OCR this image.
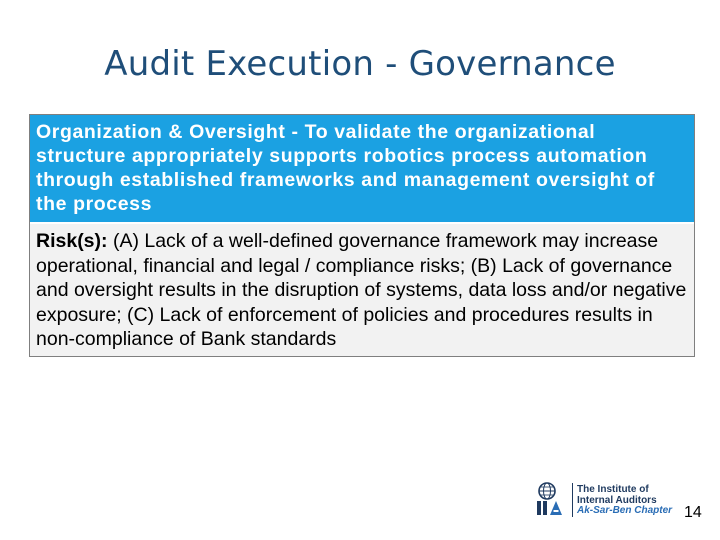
Audit Execution - Governance
Organization & Oversight - To validate the organizational structure appropriately supports robotics process automation through established frameworks and management oversight of the process
Risk(s): (A) Lack of a well-defined governance framework may increase operational, financial and legal / compliance risks; (B) Lack of governance and oversight results in the disruption of systems, data loss and/or negative exposure; (C) Lack of enforcement of policies and procedures results in non-compliance of Bank standards
The Institute of
Internal Auditors
Ak-Sar-Ben Chapter 14
